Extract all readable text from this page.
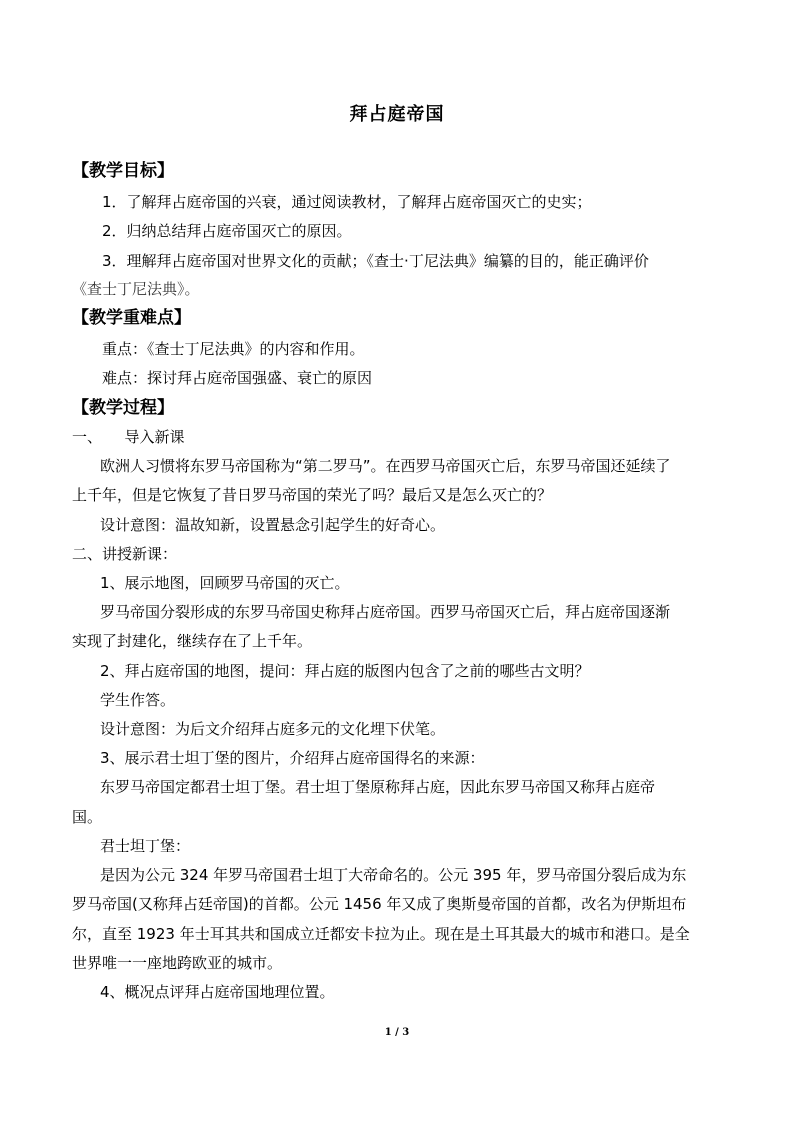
拜占庭帝国
【教学目标】
1．了解拜占庭帝国的兴衰，通过阅读教材，了解拜占庭帝国灭亡的史实；
2．归纳总结拜占庭帝国灭亡的原因。
3．理解拜占庭帝国对世界文化的贡献；《查士·丁尼法典》编纂的目的，能正确评价
《查士丁尼法典》。
【教学重难点】
重点：《查士丁尼法典》的内容和作用。
难点：探讨拜占庭帝国强盛、衰亡的原因
【教学过程】
一、　　导入新课
欧洲人习惯将东罗马帝国称为“第二罗马”。在西罗马帝国灭亡后，东罗马帝国还延续了
上千年，但是它恢复了昔日罗马帝国的荣光了吗？最后又是怎么灭亡的？
设计意图：温故知新，设置悬念引起学生的好奇心。
二、讲授新课：
1、展示地图，回顾罗马帝国的灭亡。
罗马帝国分裂形成的东罗马帝国史称拜占庭帝国。西罗马帝国灭亡后，拜占庭帝国逐渐
实现了封建化，继续存在了上千年。
2、拜占庭帝国的地图，提问：拜占庭的版图内包含了之前的哪些古文明？
学生作答。
设计意图：为后文介绍拜占庭多元的文化埋下伏笔。
3、展示君士坦丁堡的图片，介绍拜占庭帝国得名的来源：
东罗马帝国定都君士坦丁堡。君士坦丁堡原称拜占庭，因此东罗马帝国又称拜占庭帝
国。
君士坦丁堡：
是因为公元 324 年罗马帝国君士坦丁大帝命名的。公元 395 年，罗马帝国分裂后成为东
罗马帝国(又称拜占廷帝国)的首都。公元 1456 年又成了奥斯曼帝国的首都，改名为伊斯坦布
尔，直至 1923 年士耳其共和国成立迁都安卡拉为止。现在是土耳其最大的城市和港口。是全
世界唯一一座地跨欧亚的城市。
4、概况点评拜占庭帝国地理位置。
1 / 3
